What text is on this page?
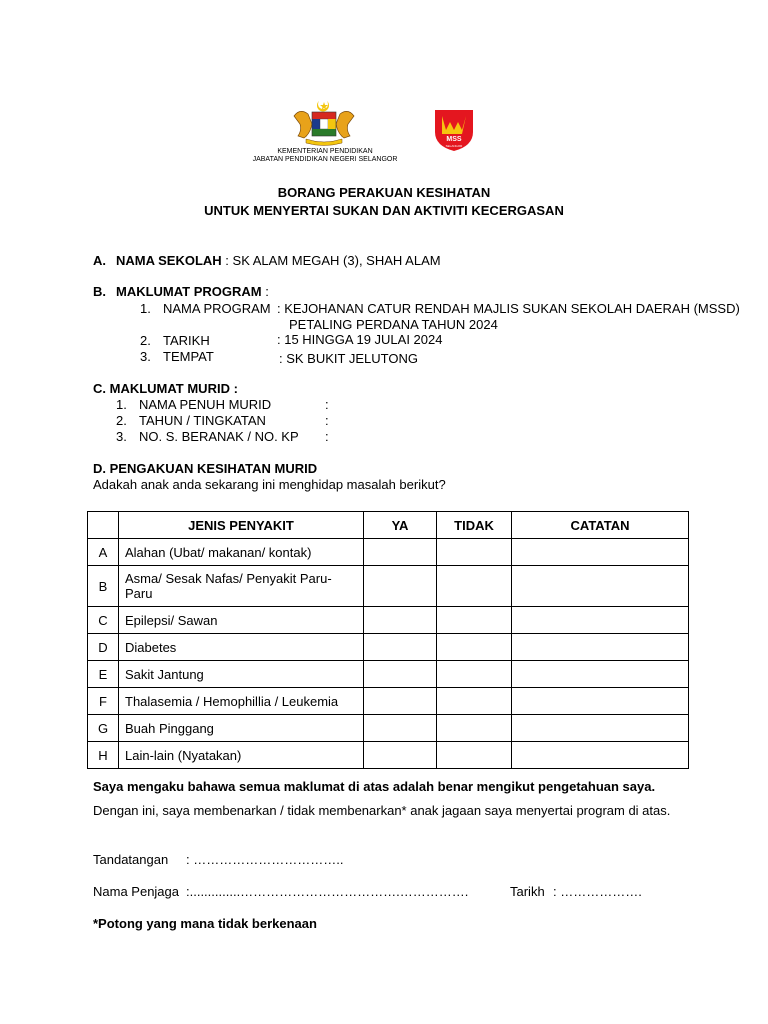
KEMENTERIAN PENDIDIKAN
JABATAN PENDIDIKAN NEGERI SELANGOR
MSS
SELANGOR
BORANG PERAKUAN KESIHATAN
UNTUK MENYERTAI SUKAN DAN AKTIVITI KECERGASAN
A. NAMA SEKOLAH : SK ALAM MEGAH (3), SHAH ALAM
B. MAKLUMAT PROGRAM :
1. NAMA PROGRAM : KEJOHANAN CATUR RENDAH MAJLIS SUKAN SEKOLAH DAERAH (MSSD)
PETALING PERDANA TAHUN 2024
2. TARIKH	: 15 HINGGA 19 JULAI 2024
3. TEMPAT	: SK BUKIT JELUTONG
C. MAKLUMAT MURID :
1. NAMA PENUH MURID	:
2. TAHUN / TINGKATAN	:
3. NO. S. BERANAK / NO. KP :
D. PENGAKUAN KESIHATAN MURID
Adakah anak anda sekarang ini menghidap masalah berikut?
	JENIS PENYAKIT	YA	TIDAK	CATATAN
A	Alahan (Ubat/ makanan/ kontak)			
B	Asma/ Sesak Nafas/ Penyakit Paru-Paru			
C	Epilepsi/ Sawan			
D	Diabetes			
E	Sakit Jantung			
F	Thalasemia / Hemophillia / Leukemia			
G	Buah Pinggang			
H	Lain-lain (Nyatakan)			
Saya mengaku bahawa semua maklumat di atas adalah benar mengikut pengetahuan saya.
Dengan ini, saya membenarkan / tidak membenarkan* anak jagaan saya menyertai program di atas.
Tandatangan : ……………………………..
Nama Penjaga :..............……………………………….…………….	Tarikh : ……………….
*Potong yang mana tidak berkenaan
